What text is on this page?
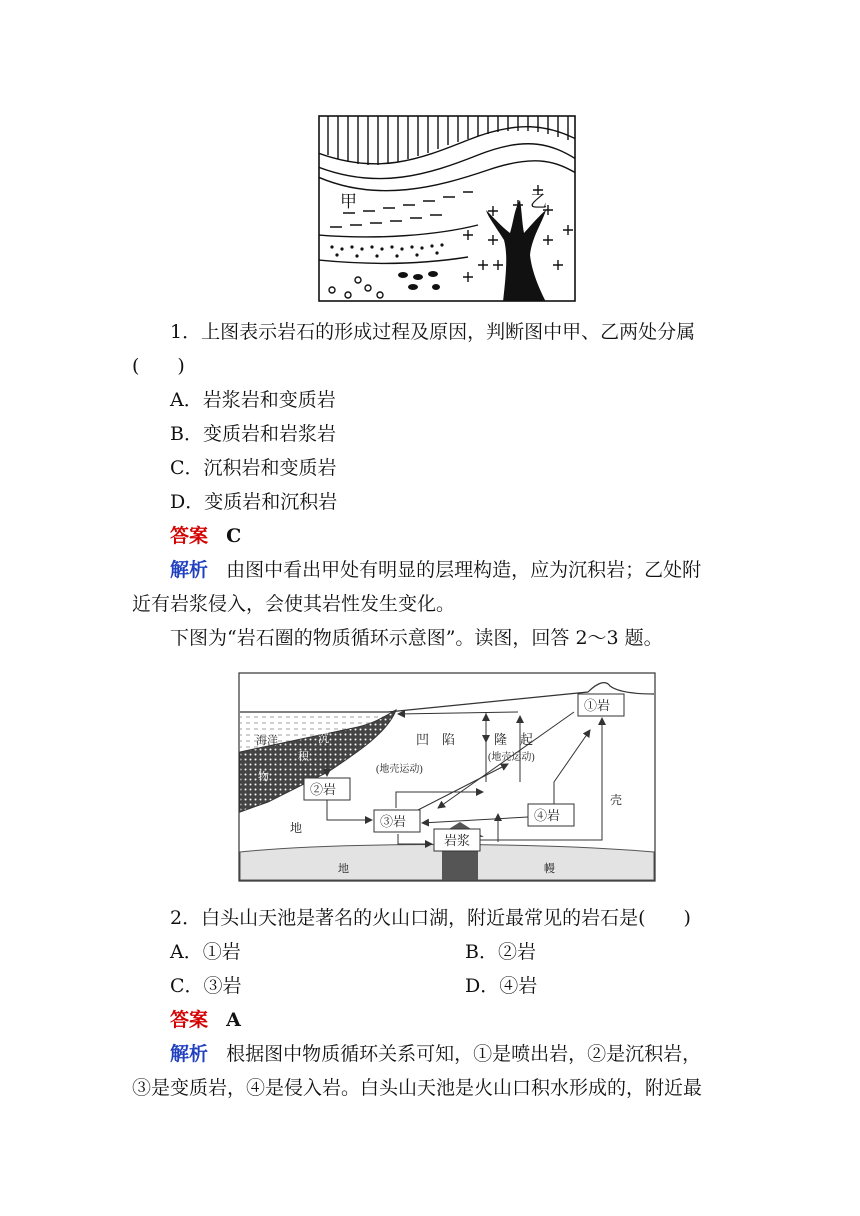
甲	乙
1．上图表示岩石的形成过程及原因，判断图中甲、乙两处分属
(　　)
A．岩浆岩和变质岩
B．变质岩和岩浆岩
C．沉积岩和变质岩
D．变质岩和沉积岩
答案 C
解析 由图中看出甲处有明显的层理构造，应为沉积岩；乙处附
近有岩浆侵入，会使其岩性发生变化。
下图为“岩石圈的物质循环示意图”。读图，回答 2～3 题。
海洋	凹　陷	隆　起
(地壳运动)
(地壳运动)
①岩
②岩
③岩	④岩
岩浆
壳
地
地	幔
沉
积
物
2．白头山天池是著名的火山口湖，附近最常见的岩石是(　　)
A．①岩	B．②岩
C．③岩	D．④岩
答案 A
解析 根据图中物质循环关系可知，①是喷出岩，②是沉积岩，
③是变质岩，④是侵入岩。白头山天池是火山口积水形成的，附近最
